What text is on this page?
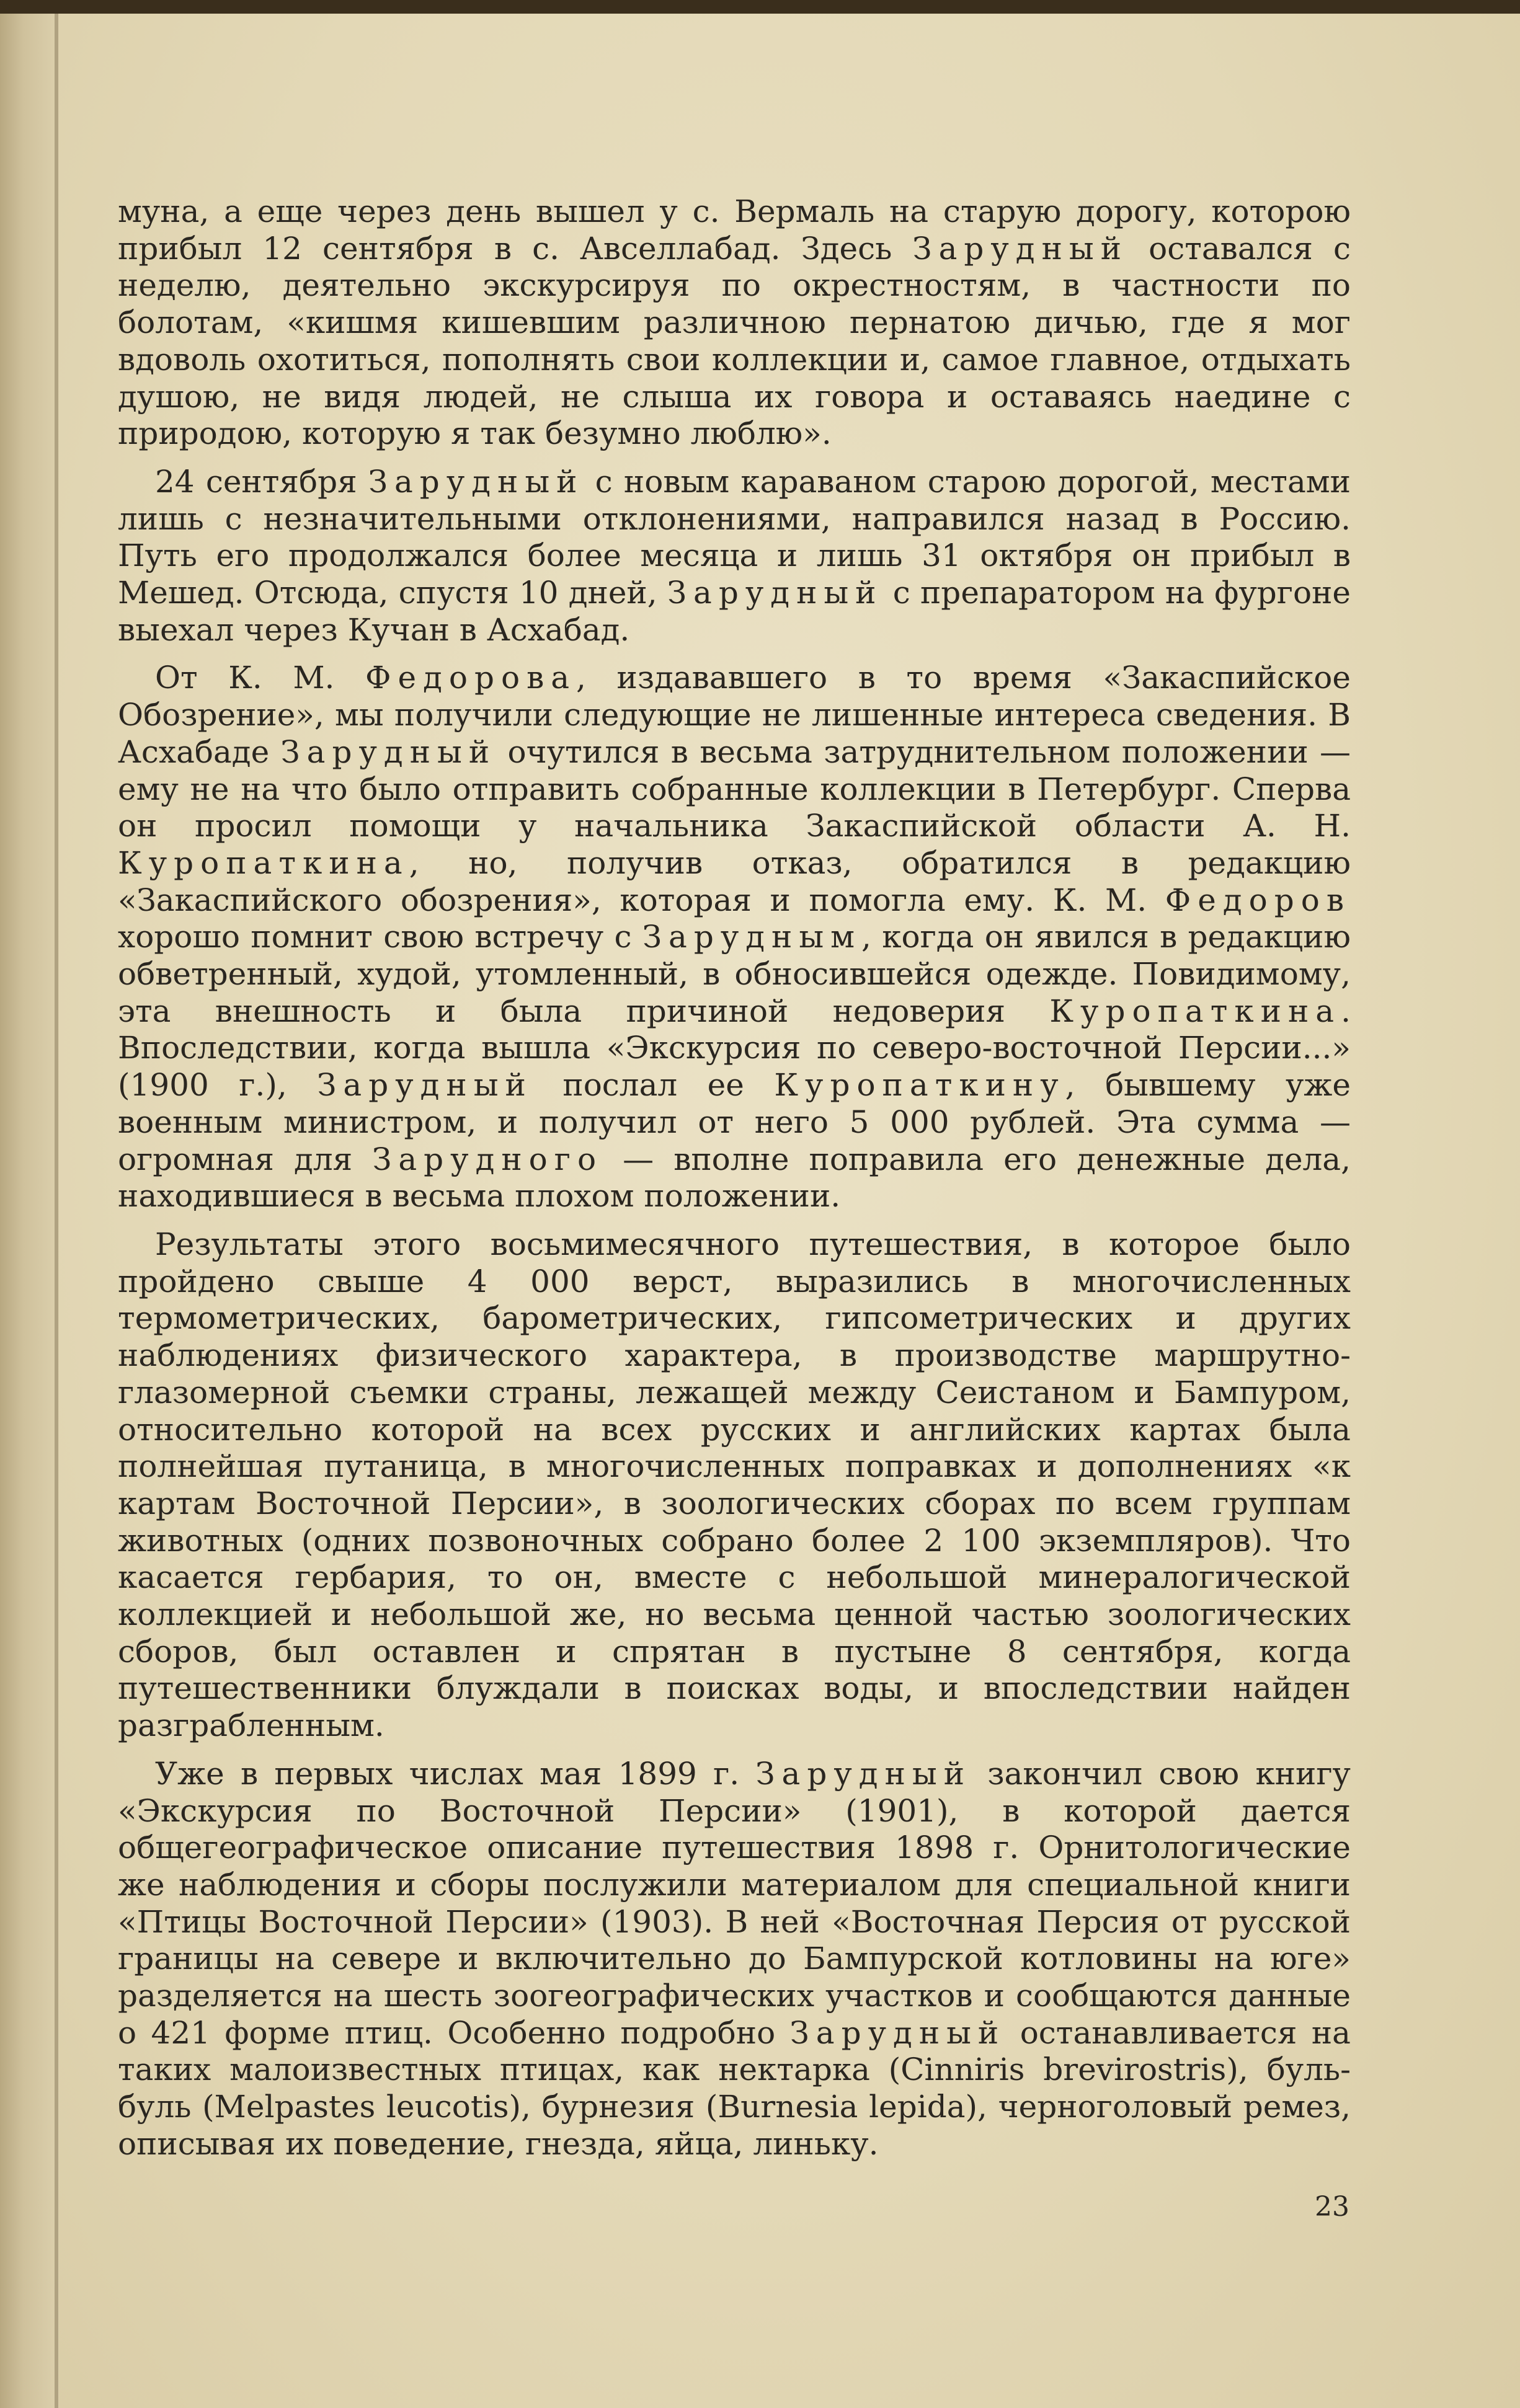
муна, а еще через день вышел у с. Вермаль на старую дорогу, которою прибыл 12 сентября в с. Авселлабад. Здесь Зарудный оставался с неделю, деятельно экскурсируя по окрестностям, в частности по болотам, «кишмя кишевшим различною пернатою дичью, где я мог вдоволь охотиться, пополнять свои коллекции и, самое главное, отдыхать душою, не видя людей, не слыша их говора и оставаясь наедине с природою, которую я так безумно люблю».

24 сентября Зарудный с новым караваном старою дорогой, местами лишь с незначительными отклонениями, направился назад в Россию. Путь его продолжался более месяца и лишь 31 октября он прибыл в Мешед. Отсюда, спустя 10 дней, Зарудный с препаратором на фургоне выехал через Кучан в Асхабад.

От К. М. Федорова, издававшего в то время «Закаспийское Обозрение», мы получили следующие не лишенные интереса сведения. В Асхабаде Зарудный очутился в весьма затруднительном положении — ему не на что было отправить собранные коллекции в Петербург. Сперва он просил помощи у начальника Закаспийской области А. Н. Куропаткина, но, получив отказ, обратился в редакцию «Закаспийского обозрения», которая и помогла ему. К. М. Федоров хорошо помнит свою встречу с Зарудным, когда он явился в редакцию обветренный, худой, утомленный, в обносившейся одежде. Повидимому, эта внешность и была причиной недоверия Куропаткина. Впоследствии, когда вышла «Экскурсия по северо-восточной Персии...» (1900 г.), Зарудный послал ее Куропаткину, бывшему уже военным министром, и получил от него 5 000 рублей. Эта сумма — огромная для Зарудного — вполне поправила его денежные дела, находившиеся в весьма плохом положении.

Результаты этого восьмимесячного путешествия, в которое было пройдено свыше 4 000 верст, выразились в многочисленных термометрических, барометрических, гипсометрических и других наблюдениях физического характера, в производстве маршрутно-глазомерной съемки страны, лежащей между Сеистаном и Бампуром, относительно которой на всех русских и английских картах была полнейшая путаница, в многочисленных поправках и дополнениях «к картам Восточной Персии», в зоологических сборах по всем группам животных (одних позвоночных собрано более 2 100 экземпляров). Что касается гербария, то он, вместе с небольшой минералогической коллекцией и небольшой же, но весьма ценной частью зоологических сборов, был оставлен и спрятан в пустыне 8 сентября, когда путешественники блуждали в поисках воды, и впоследствии найден разграбленным.

Уже в первых числах мая 1899 г. Зарудный закончил свою книгу «Экскурсия по Восточной Персии» (1901), в которой дается общегеографическое описание путешествия 1898 г. Орнитологические же наблюдения и сборы послужили материалом для специальной книги «Птицы Восточной Персии» (1903). В ней «Восточная Персия от русской границы на севере и включительно до Бампурской котловины на юге» разделяется на шесть зоогеографических участков и сообщаются данные о 421 форме птиц. Особенно подробно Зарудный останавливается на таких малоизвестных птицах, как нектарка (Cinniris brevirostris), буль-буль (Melpastes leucotis), бурнезия (Burnesia lepida), черноголовый ремез, описывая их поведение, гнезда, яйца, линьку.

23
